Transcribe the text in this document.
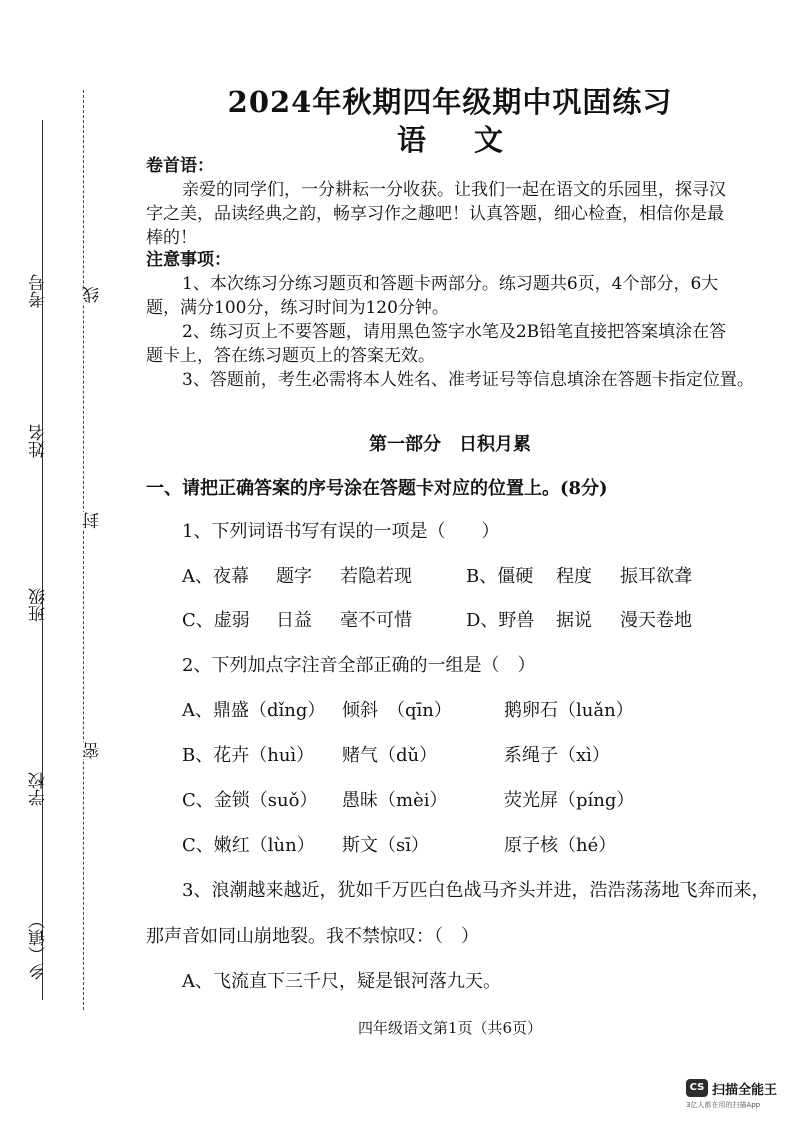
考号
姓名
班级
学校
乡（镇）
线
封
密
2024年秋期四年级期中巩固练习
语 文
卷首语：
亲爱的同学们，一分耕耘一分收获。让我们一起在语文的乐园里，探寻汉
字之美，品读经典之韵，畅享习作之趣吧！认真答题，细心检查，相信你是最
棒的！
注意事项：
1、本次练习分练习题页和答题卡两部分。练习题共6页，4个部分，6大
题，满分100分，练习时间为120分钟。
2、练习页上不要答题，请用黑色签字水笔及2B铅笔直接把答案填涂在答
题卡上，答在练习题页上的答案无效。
3、答题前，考生必需将本人姓名、准考证号等信息填涂在答题卡指定位置。
第一部分　日积月累
一、请把正确答案的序号涂在答题卡对应的位置上。(8分)
1、下列词语书写有误的一项是（　　）
A、夜幕 题字 若隐若现	B、僵硬 程度 振耳欲聋
C、虚弱 日益 毫不可惜	D、野兽 据说 漫天卷地
2、下列加点字注音全部正确的一组是（　）
A、鼎盛（dǐng） 倾斜　（qīn）	鹅卵石（luǎn）
B、花卉（huì） 赌气（dǔ）	系绳子（xì）
C、金锁（suǒ） 愚昧（mèi）	荧光屏（píng）
C、嫩红（lùn） 斯文（sī）	原子核（hé）
3、浪潮越来越近，犹如千万匹白色战马齐头并进，浩浩荡荡地飞奔而来，
那声音如同山崩地裂。我不禁惊叹：（　）
A、飞流直下三千尺，疑是银河落九天。
四年级语文第1页（共6页）
CS 扫描全能王
3亿人都在用的扫描App
